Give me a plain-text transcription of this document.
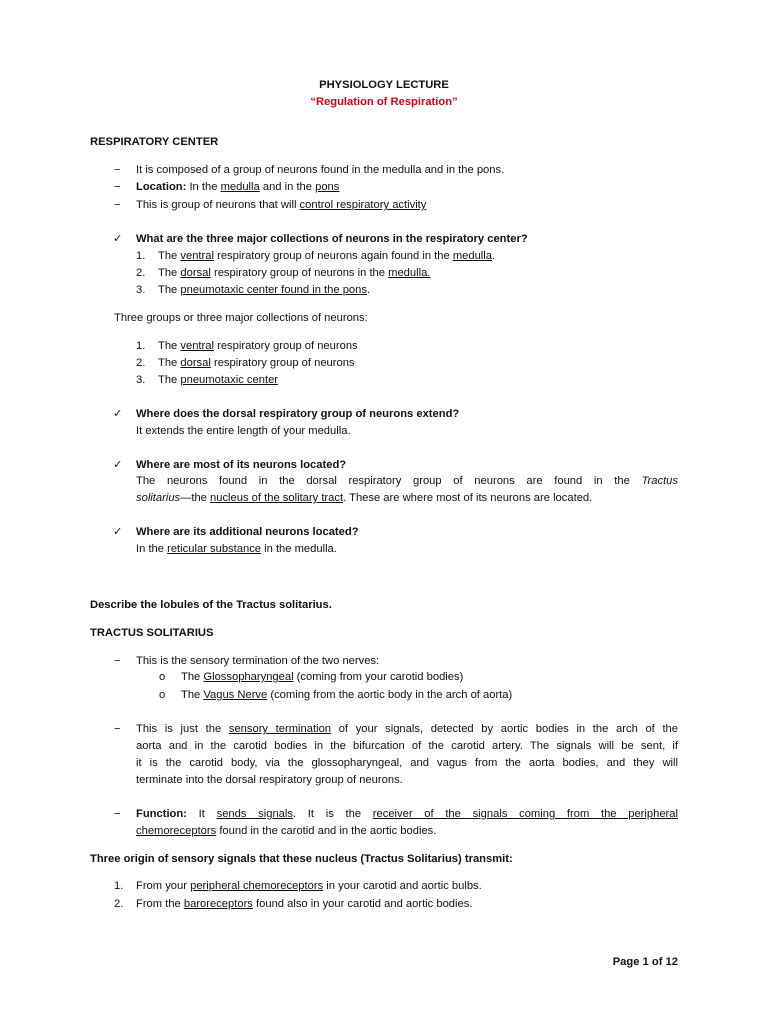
PHYSIOLOGY LECTURE
“Regulation of Respiration”
RESPIRATORY CENTER
− It is composed of a group of neurons found in the medulla and in the pons.
− Location: In the medulla and in the pons
− This is group of neurons that will control respiratory activity
✓ What are the three major collections of neurons in the respiratory center?
1. The ventral respiratory group of neurons again found in the medulla.
2. The dorsal respiratory group of neurons in the medulla.
3. The pneumotaxic center found in the pons.
Three groups or three major collections of neurons:
1. The ventral respiratory group of neurons
2. The dorsal respiratory group of neurons
3. The pneumotaxic center
✓ Where does the dorsal respiratory group of neurons extend?
It extends the entire length of your medulla.
✓ Where are most of its neurons located?
The neurons found in the dorsal respiratory group of neurons are found in the Tractus
solitarius—the nucleus of the solitary tract. These are where most of its neurons are located.
✓ Where are its additional neurons located?
In the reticular substance in the medulla.
Describe the lobules of the Tractus solitarius.
TRACTUS SOLITARIUS
− This is the sensory termination of the two nerves:
o The Glossopharyngeal (coming from your carotid bodies)
o The Vagus Nerve (coming from the aortic body in the arch of aorta)
− This is just the sensory termination of your signals, detected by aortic bodies in the arch of the
aorta and in the carotid bodies in the bifurcation of the carotid artery. The signals will be sent, if
it is the carotid body, via the glossopharyngeal, and vagus from the aorta bodies, and they will
terminate into the dorsal respiratory group of neurons.
− Function: It sends signals. It is the receiver of the signals coming from the peripheral
chemoreceptors found in the carotid and in the aortic bodies.
Three origin of sensory signals that these nucleus (Tractus Solitarius) transmit:
1. From your peripheral chemoreceptors in your carotid and aortic bulbs.
2. From the baroreceptors found also in your carotid and aortic bodies.
Page 1 of 12
